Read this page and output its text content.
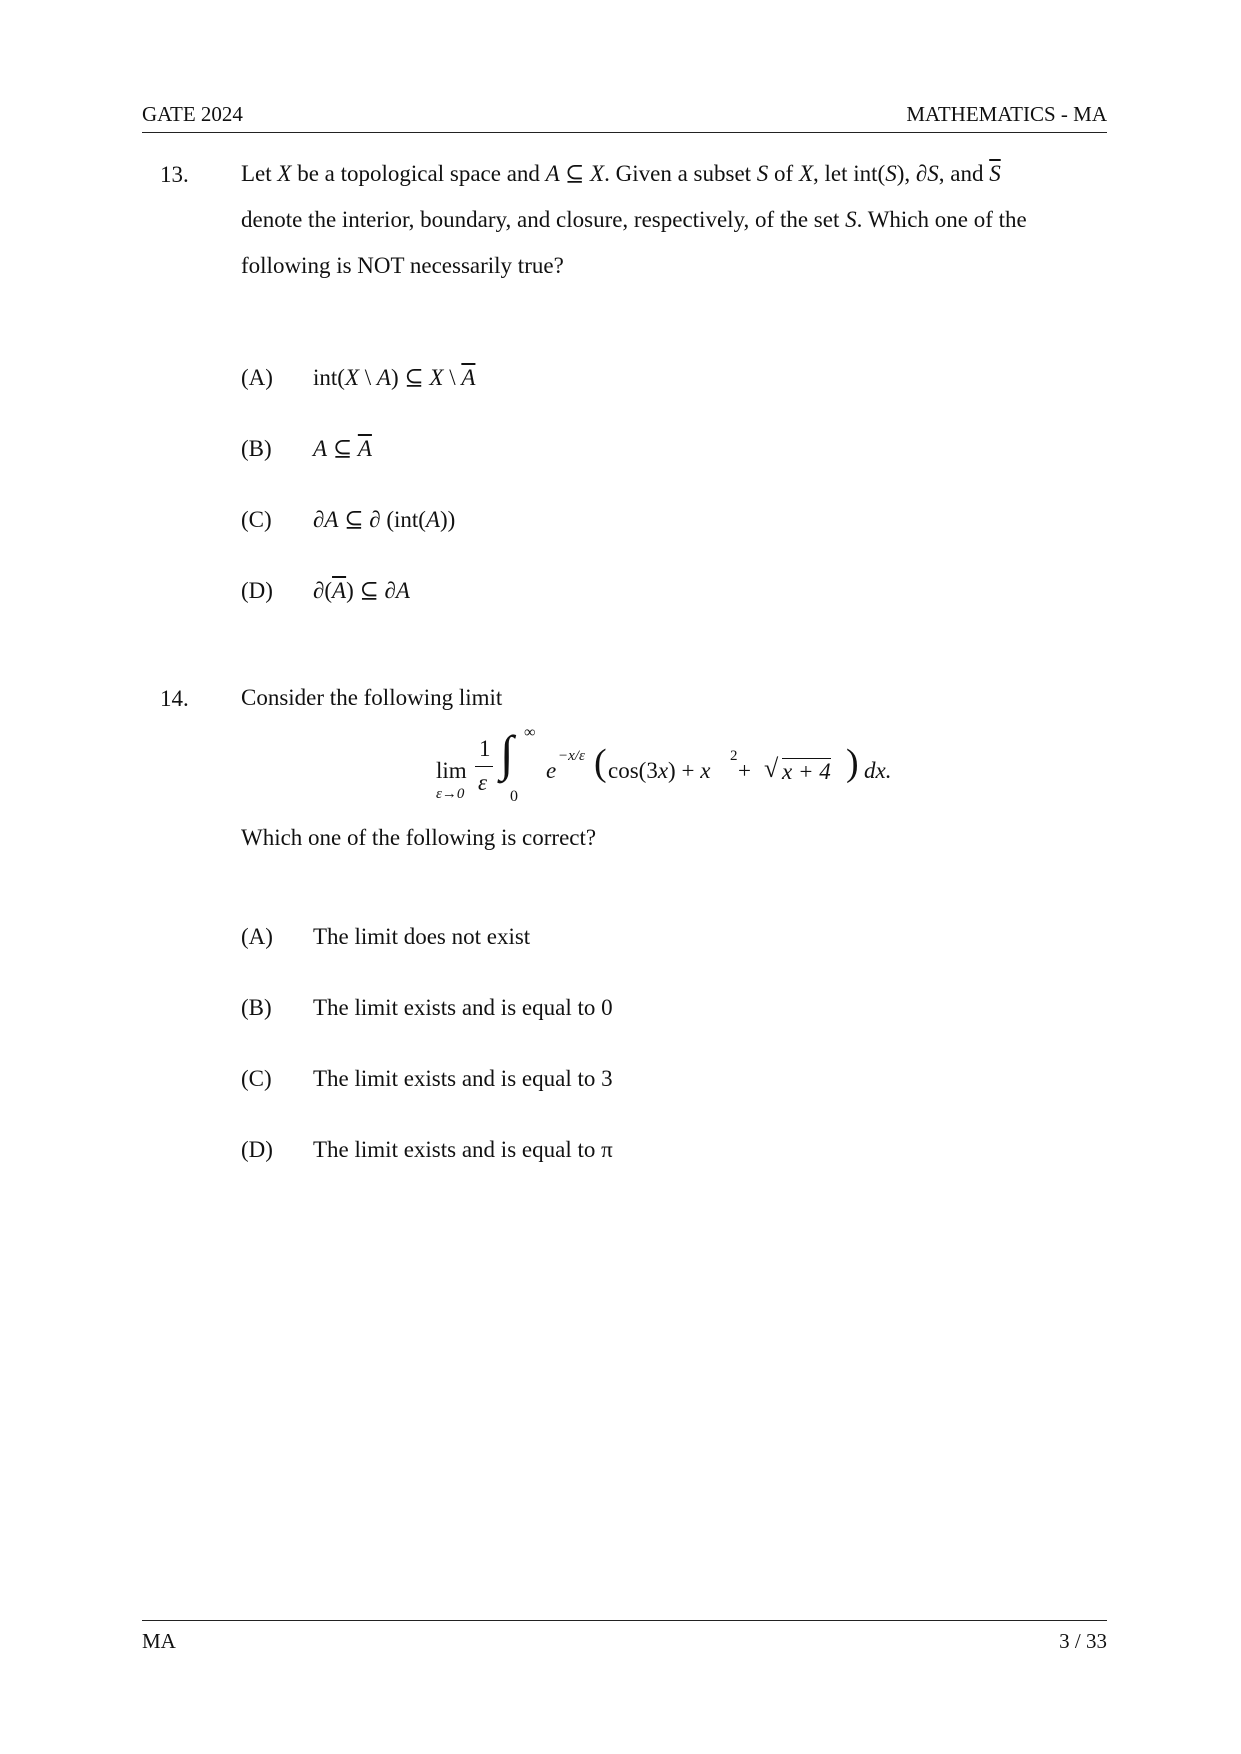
GATE 2024	MATHEMATICS - MA
13. Let X be a topological space and A ⊆ X. Given a subset S of X, let int(S), ∂S, and $\overline{S}$
denote the interior, boundary, and closure, respectively, of the set S. Which one of the
following is NOT necessarily true?
(A)	int(X \ A) ⊆ X \ $\overline{A}$
(B)	A ⊆ $\overline{A}$
(C)	∂A ⊆ ∂ (int(A))
(D)	$\partial(\overline{A})$ ⊆ ∂A
14. Consider the following limit
lim
ε→0
1
ε
∫ ∞
0
e
−x/ε ( cos(3x) + x
2
+ √ x + 4 ) dx.
Which one of the following is correct?
(A)	The limit does not exist
(B)	The limit exists and is equal to 0
(C)	The limit exists and is equal to 3
(D)	The limit exists and is equal to π
MA	3 / 33
